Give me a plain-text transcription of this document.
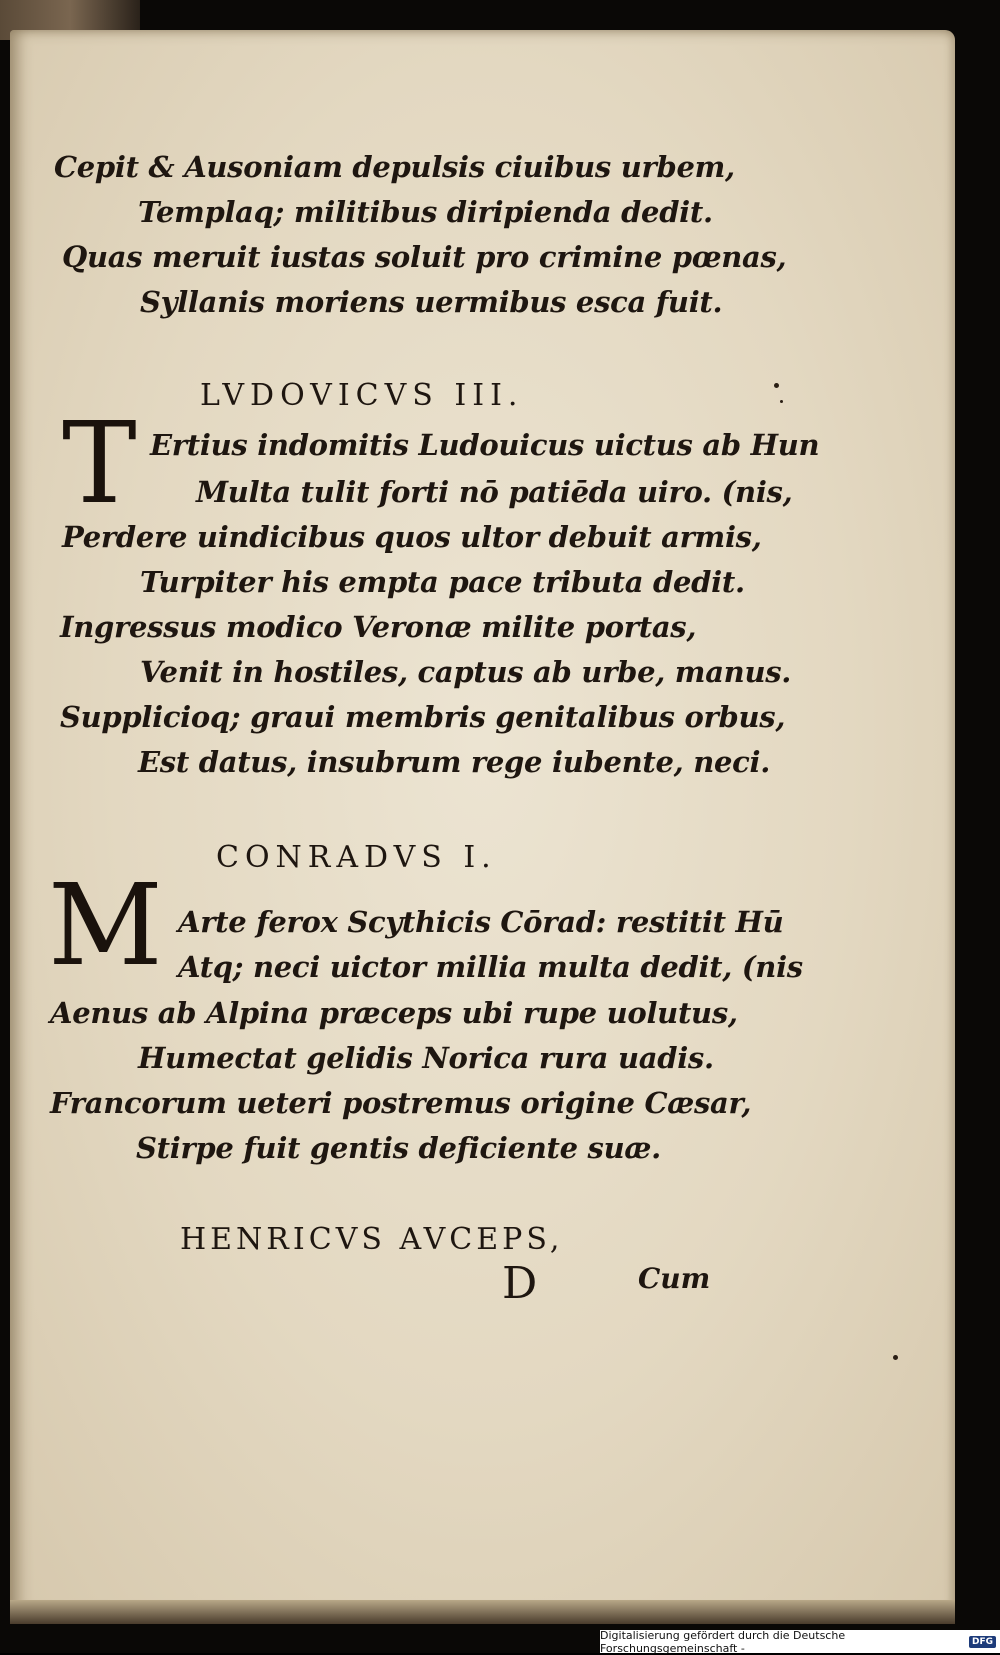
Cepit & Ausoniam depulsis ciuibus urbem,
Templaq; militibus diripienda dedit.
Quas meruit iustas soluit pro crimine pœnas,
Syllanis moriens uermibus esca fuit.
LVDOVICVS III.
T Ertius indomitis Ludouicus uictus ab Hun
Multa tulit forti nō patiēda uiro. (nis,
Perdere uindicibus quos ultor debuit armis,
Turpiter his empta pace tributa dedit.
Ingressus modico Veronæ milite portas,
Venit in hostiles, captus ab urbe, manus.
Supplicioq; graui membris genitalibus orbus,
Est datus, insubrum rege iubente, neci.
CONRADVS I.
M Arte ferox Scythicis Cōrad: restitit Hū
Atq; neci uictor millia multa dedit, (nis
Aenus ab Alpina præceps ubi rupe uolutus,
Humectat gelidis Norica rura uadis.
Francorum ueteri postremus origine Cæsar,
Stirpe fuit gentis deficiente suæ.
HENRICVS AVCEPS,
D	Cum
Digitalisierung gefördert durch die Deutsche Forschungsgemeinschaft -	DFG
